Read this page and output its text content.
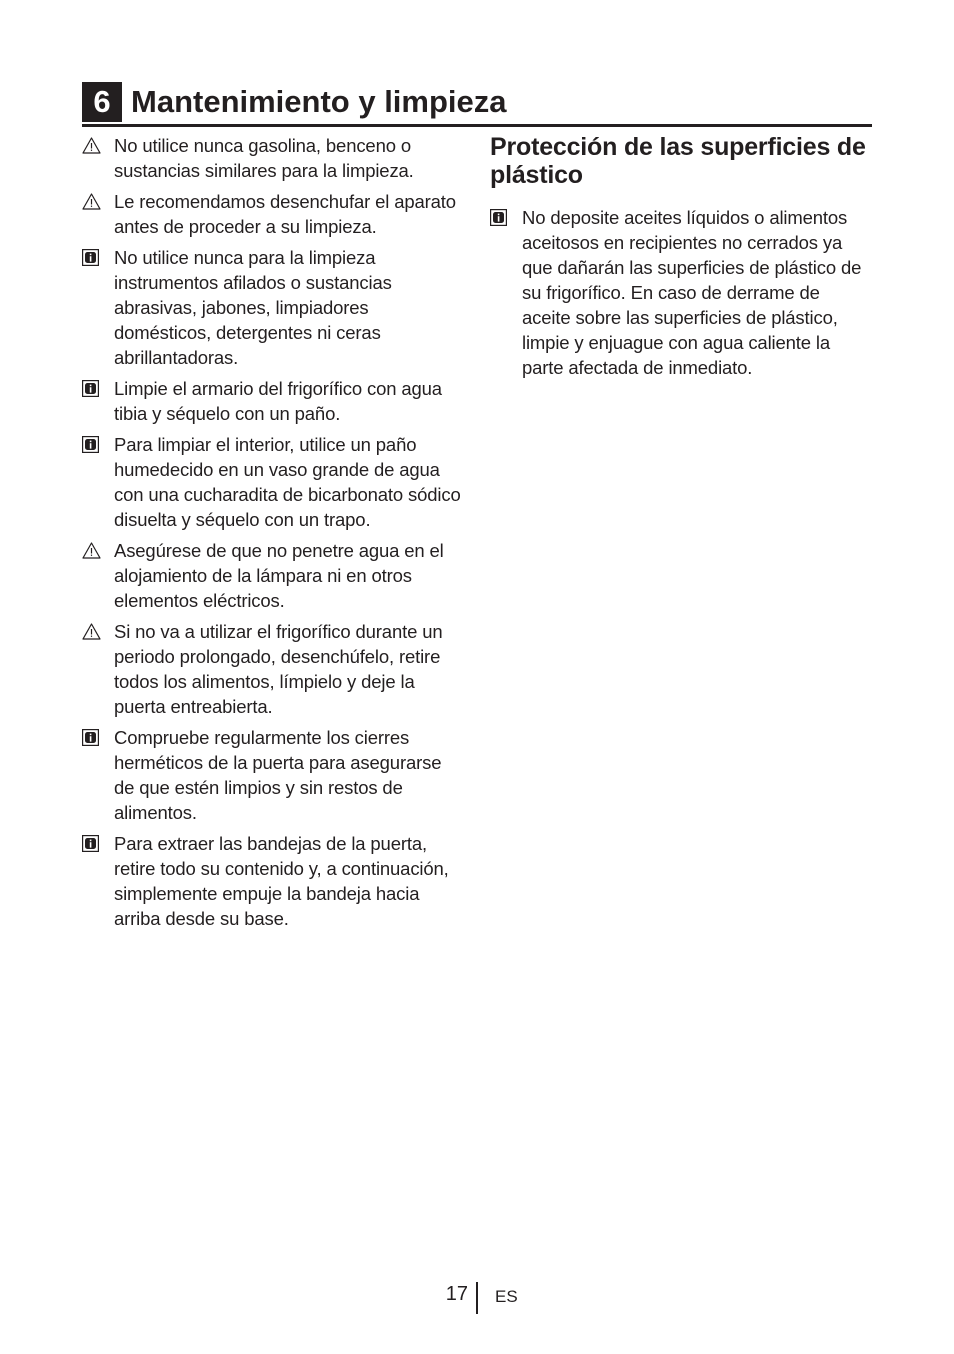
6 Mantenimiento y limpieza
No utilice nunca gasolina, benceno o sustancias similares para la limpieza.
Le recomendamos desenchufar el aparato antes de proceder a su limpieza.
No utilice nunca para la limpieza instrumentos afilados o sustancias abrasivas, jabones, limpiadores domésticos, detergentes ni ceras abrillantadoras.
Limpie el armario del frigorífico con agua tibia y séquelo con un paño.
Para limpiar el interior, utilice un paño humedecido en un vaso grande de agua con una cucharadita de bicarbonato sódico disuelta y séquelo con un trapo.
Asegúrese de que no penetre agua en el alojamiento de la lámpara ni en otros elementos eléctricos.
Si no va a utilizar el frigorífico durante un periodo prolongado, desenchúfelo, retire todos los alimentos, límpielo y deje la puerta entreabierta.
Compruebe regularmente los cierres herméticos de la puerta para asegurarse de que estén limpios y sin restos de alimentos.
Para extraer las bandejas de la puerta, retire todo su contenido y, a continuación, simplemente empuje la bandeja hacia arriba desde su base.
Protección de las superficies de plástico
No deposite aceites líquidos o alimentos aceitosos en recipientes no cerrados ya que dañarán las superficies de plástico de su frigorífico. En caso de derrame de aceite sobre las superficies de plástico, limpie y enjuague con agua caliente la parte afectada de inmediato.
17 ES
